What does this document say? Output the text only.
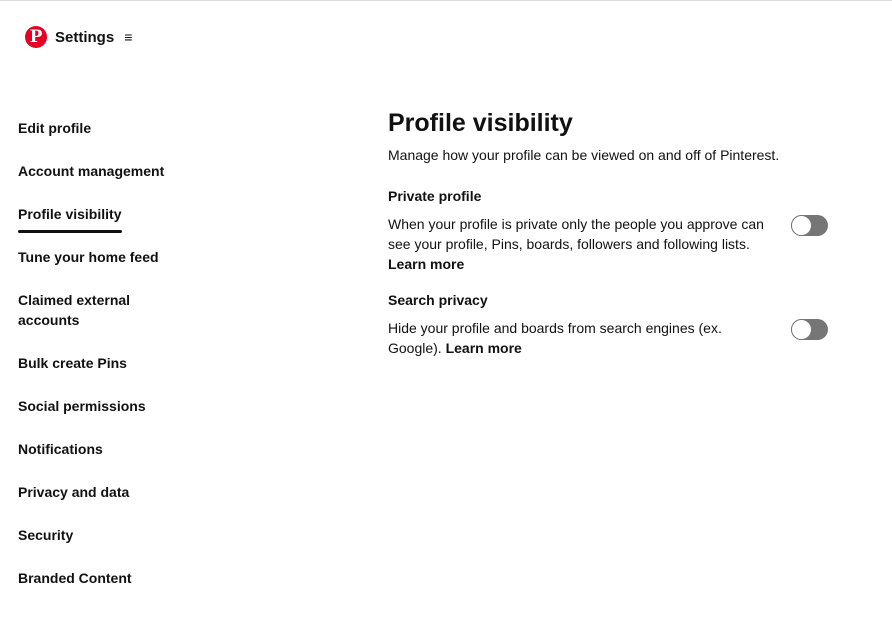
P Settings ≡
Edit profile
Account management
Profile visibility
Tune your home feed
Claimed external accounts
Bulk create Pins
Social permissions
Notifications
Privacy and data
Security
Branded Content
Profile visibility
Manage how your profile can be viewed on and off of Pinterest.
Private profile

When your profile is private only the people you approve can see your profile, Pins, boards, followers and following lists. Learn more

Search privacy

Hide your profile and boards from search engines (ex. Google). Learn more
